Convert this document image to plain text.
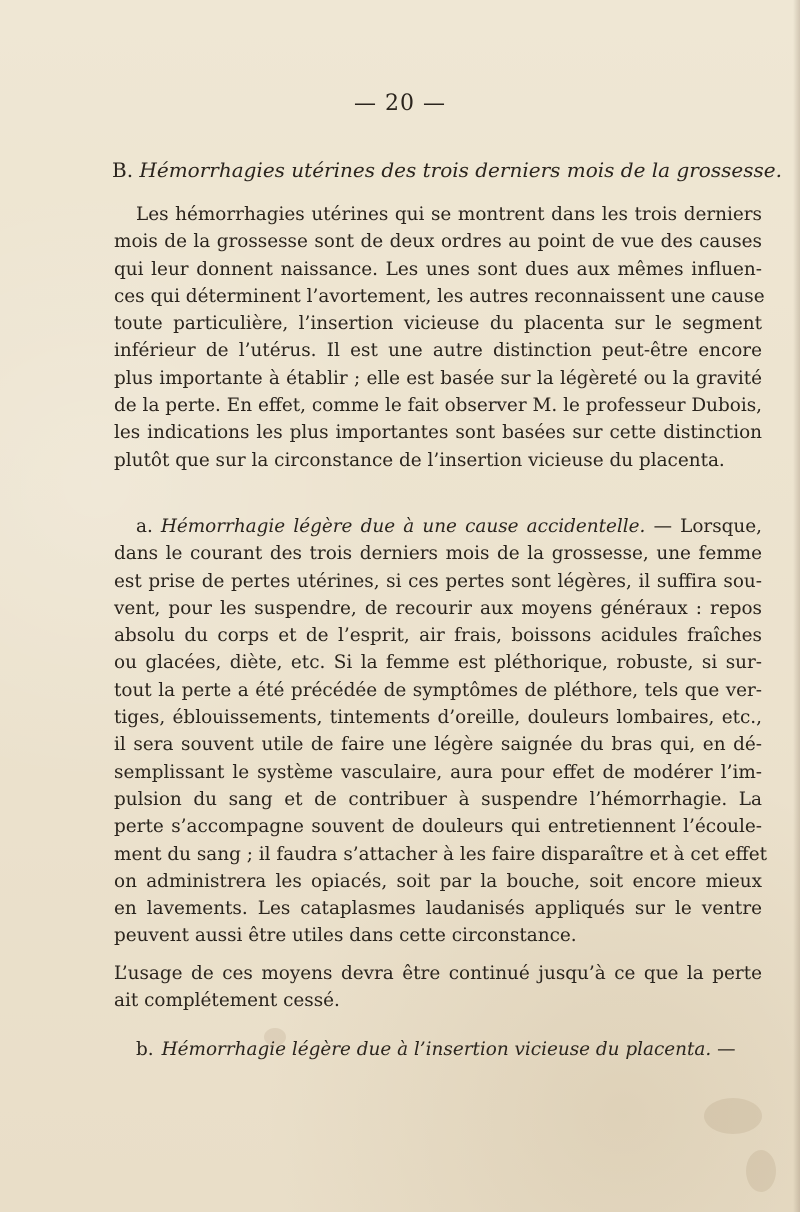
— 20 —
B. Hémorrhagies utérines des trois derniers mois de la grossesse.
Les hémorrhagies utérines qui se montrent dans les trois derniers
mois de la grossesse sont de deux ordres au point de vue des causes
qui leur donnent naissance. Les unes sont dues aux mêmes influen-
ces qui déterminent l’avortement, les autres reconnaissent une cause
toute particulière, l’insertion vicieuse du placenta sur le segment
inférieur de l’utérus. Il est une autre distinction peut-être encore
plus importante à établir ; elle est basée sur la légèreté ou la gravité
de la perte. En effet, comme le fait observer M. le professeur Dubois,
les indications les plus importantes sont basées sur cette distinction
plutôt que sur la circonstance de l’insertion vicieuse du placenta.
a. Hémorrhagie légère due à une cause accidentelle. — Lorsque,
dans le courant des trois derniers mois de la grossesse, une femme
est prise de pertes utérines, si ces pertes sont légères, il suffira sou-
vent, pour les suspendre, de recourir aux moyens généraux : repos
absolu du corps et de l’esprit, air frais, boissons acidules fraîches
ou glacées, diète, etc. Si la femme est pléthorique, robuste, si sur-
tout la perte a été précédée de symptômes de pléthore, tels que ver-
tiges, éblouissements, tintements d’oreille, douleurs lombaires, etc.,
il sera souvent utile de faire une légère saignée du bras qui, en dé-
semplissant le système vasculaire, aura pour effet de modérer l’im-
pulsion du sang et de contribuer à suspendre l’hémorrhagie. La
perte s’accompagne souvent de douleurs qui entretiennent l’écoule-
ment du sang ; il faudra s’attacher à les faire disparaître et à cet effet
on administrera les opiacés, soit par la bouche, soit encore mieux
en lavements. Les cataplasmes laudanisés appliqués sur le ventre
peuvent aussi être utiles dans cette circonstance.
L’usage de ces moyens devra être continué jusqu’à ce que la perte
ait complétement cessé.
b. Hémorrhagie légère due à l’insertion vicieuse du placenta. —
